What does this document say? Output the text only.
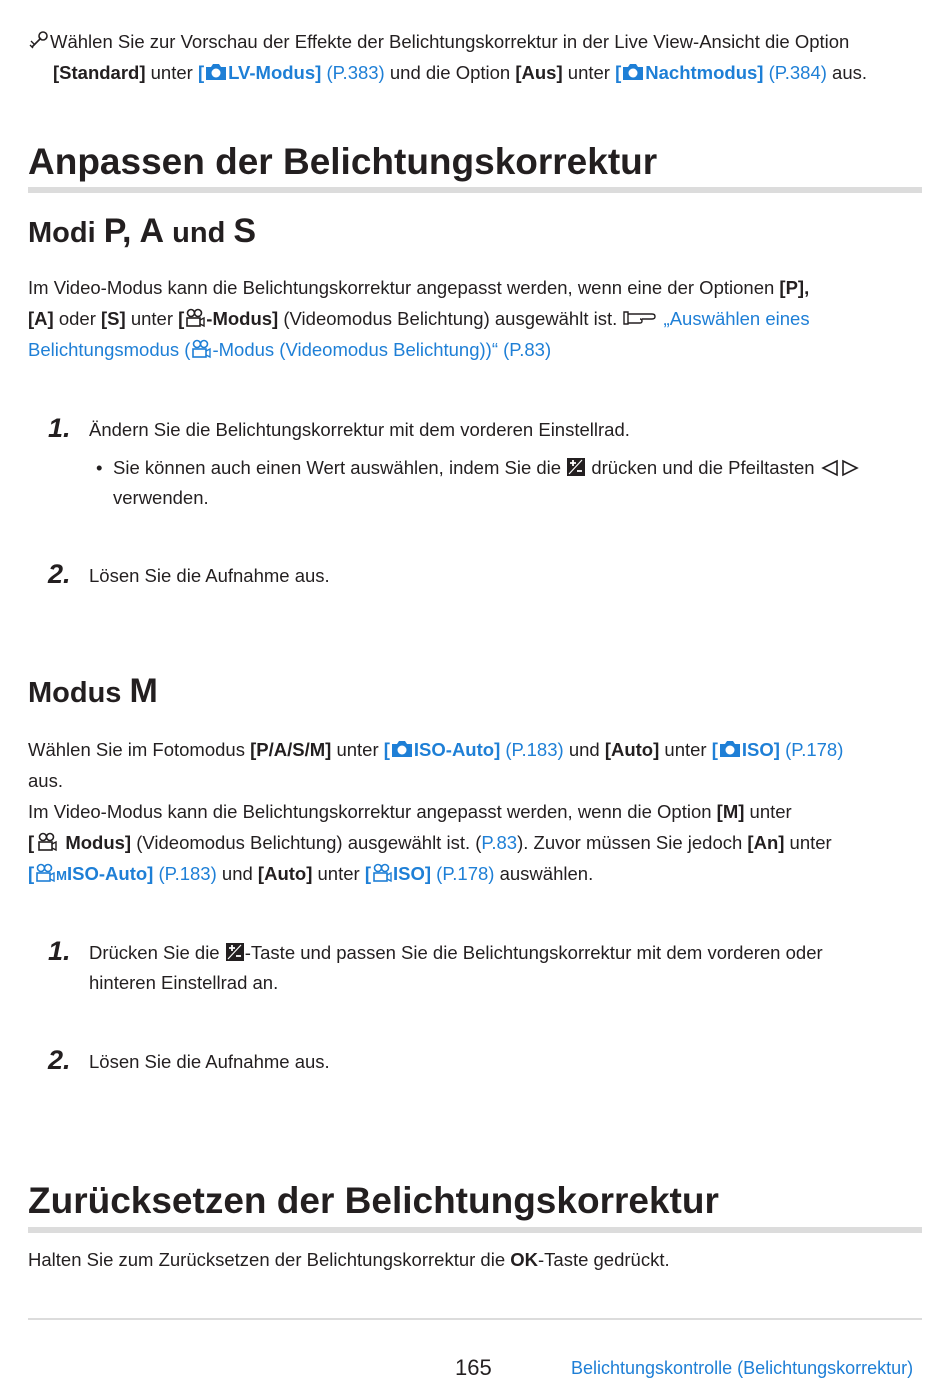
Wählen Sie zur Vorschau der Effekte der Belichtungskorrektur in der Live View-Ansicht die Option
[Standard] unter [ LV-Modus] (P.383) und die Option [Aus] unter [ Nachtmodus] (P.384) aus.
Anpassen der Belichtungskorrektur
Modi P, A und S
Im Video-Modus kann die Belichtungskorrektur angepasst werden, wenn eine der Optionen [P],
[A] oder [S] unter [ -Modus] (Videomodus Belichtung) ausgewählt ist.	„Auswählen eines
Belichtungsmodus ( -Modus (Videomodus Belichtung))“ (P.83)
1. Ändern Sie die Belichtungskorrektur mit dem vorderen Einstellrad.
• Sie können auch einen Wert auswählen, indem Sie die drücken und die Pfeiltasten
verwenden.
2. Lösen Sie die Aufnahme aus.
Modus M
Wählen Sie im Fotomodus [P/A/S/M] unter [ ISO-Auto] (P.183) und [Auto] unter [ ISO] (P.178)
aus.
Im Video-Modus kann die Belichtungskorrektur angepasst werden, wenn die Option [M] unter
[ Modus] (Videomodus Belichtung) ausgewählt ist. (P.83). Zuvor müssen Sie jedoch [An] unter
[ MISO-Auto] (P.183) und [Auto] unter [ ISO] (P.178) auswählen.
1. Drücken Sie die -Taste und passen Sie die Belichtungskorrektur mit dem vorderen oder
hinteren Einstellrad an.
2. Lösen Sie die Aufnahme aus.
Zurücksetzen der Belichtungskorrektur
Halten Sie zum Zurücksetzen der Belichtungskorrektur die OK-Taste gedrückt.
165	Belichtungskontrolle (Belichtungskorrektur)
